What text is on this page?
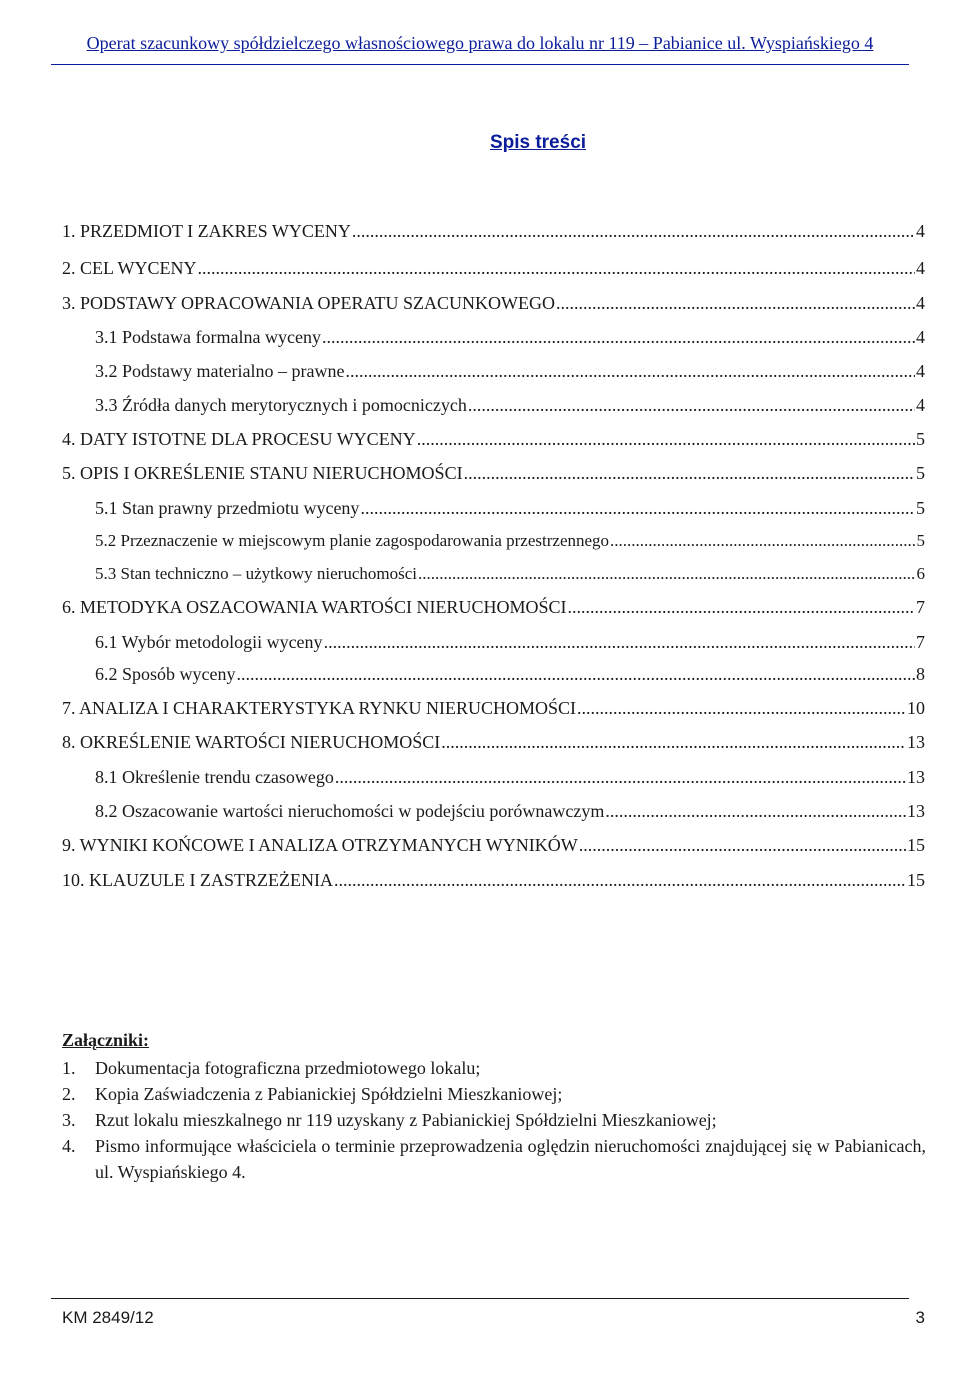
Operat szacunkowy spółdzielczego własnościowego prawa do lokalu nr 119 – Pabianice ul. Wyspiańskiego 4
Spis treści
1. PRZEDMIOT I ZAKRES WYCENY .....	4
2. CEL WYCENY .....	4
3. PODSTAWY OPRACOWANIA OPERATU SZACUNKOWEGO .....	4
3.1 Podstawa formalna wyceny .....	4
3.2 Podstawy materialno – prawne .....	4
3.3 Źródła danych merytorycznych i pomocniczych .....	4
4. DATY ISTOTNE DLA PROCESU WYCENY .....	5
5. OPIS I OKREŚLENIE STANU NIERUCHOMOŚCI .....	5
5.1 Stan prawny przedmiotu wyceny .....	5
5.2 Przeznaczenie w miejscowym planie zagospodarowania przestrzennego .....	5
5.3 Stan techniczno – użytkowy nieruchomości .....	6
6. METODYKA OSZACOWANIA WARTOŚCI NIERUCHOMOŚCI .....	7
6.1 Wybór metodologii wyceny .....	7
6.2 Sposób wyceny .....	8
7. ANALIZA I CHARAKTERYSTYKA RYNKU NIERUCHOMOŚCI .....	10
8. OKREŚLENIE WARTOŚCI NIERUCHOMOŚCI .....	13
8.1 Określenie trendu czasowego .....	13
8.2 Oszacowanie wartości nieruchomości w podejściu porównawczym .....	13
9. WYNIKI KOŃCOWE I ANALIZA OTRZYMANYCH WYNIKÓW .....	15
10. KLAUZULE I ZASTRZEŻENIA .....	15
Załączniki:
1. Dokumentacja fotograficzna przedmiotowego lokalu;
2. Kopia Zaświadczenia z Pabianickiej Spółdzielni Mieszkaniowej;
3. Rzut lokalu mieszkalnego nr 119 uzyskany z Pabianickiej Spółdzielni Mieszkaniowej;
4. Pismo informujące właściciela o terminie przeprowadzenia oględzin nieruchomości znajdującej się w Pabianicach, ul. Wyspiańskiego 4.
KM 2849/12	3
